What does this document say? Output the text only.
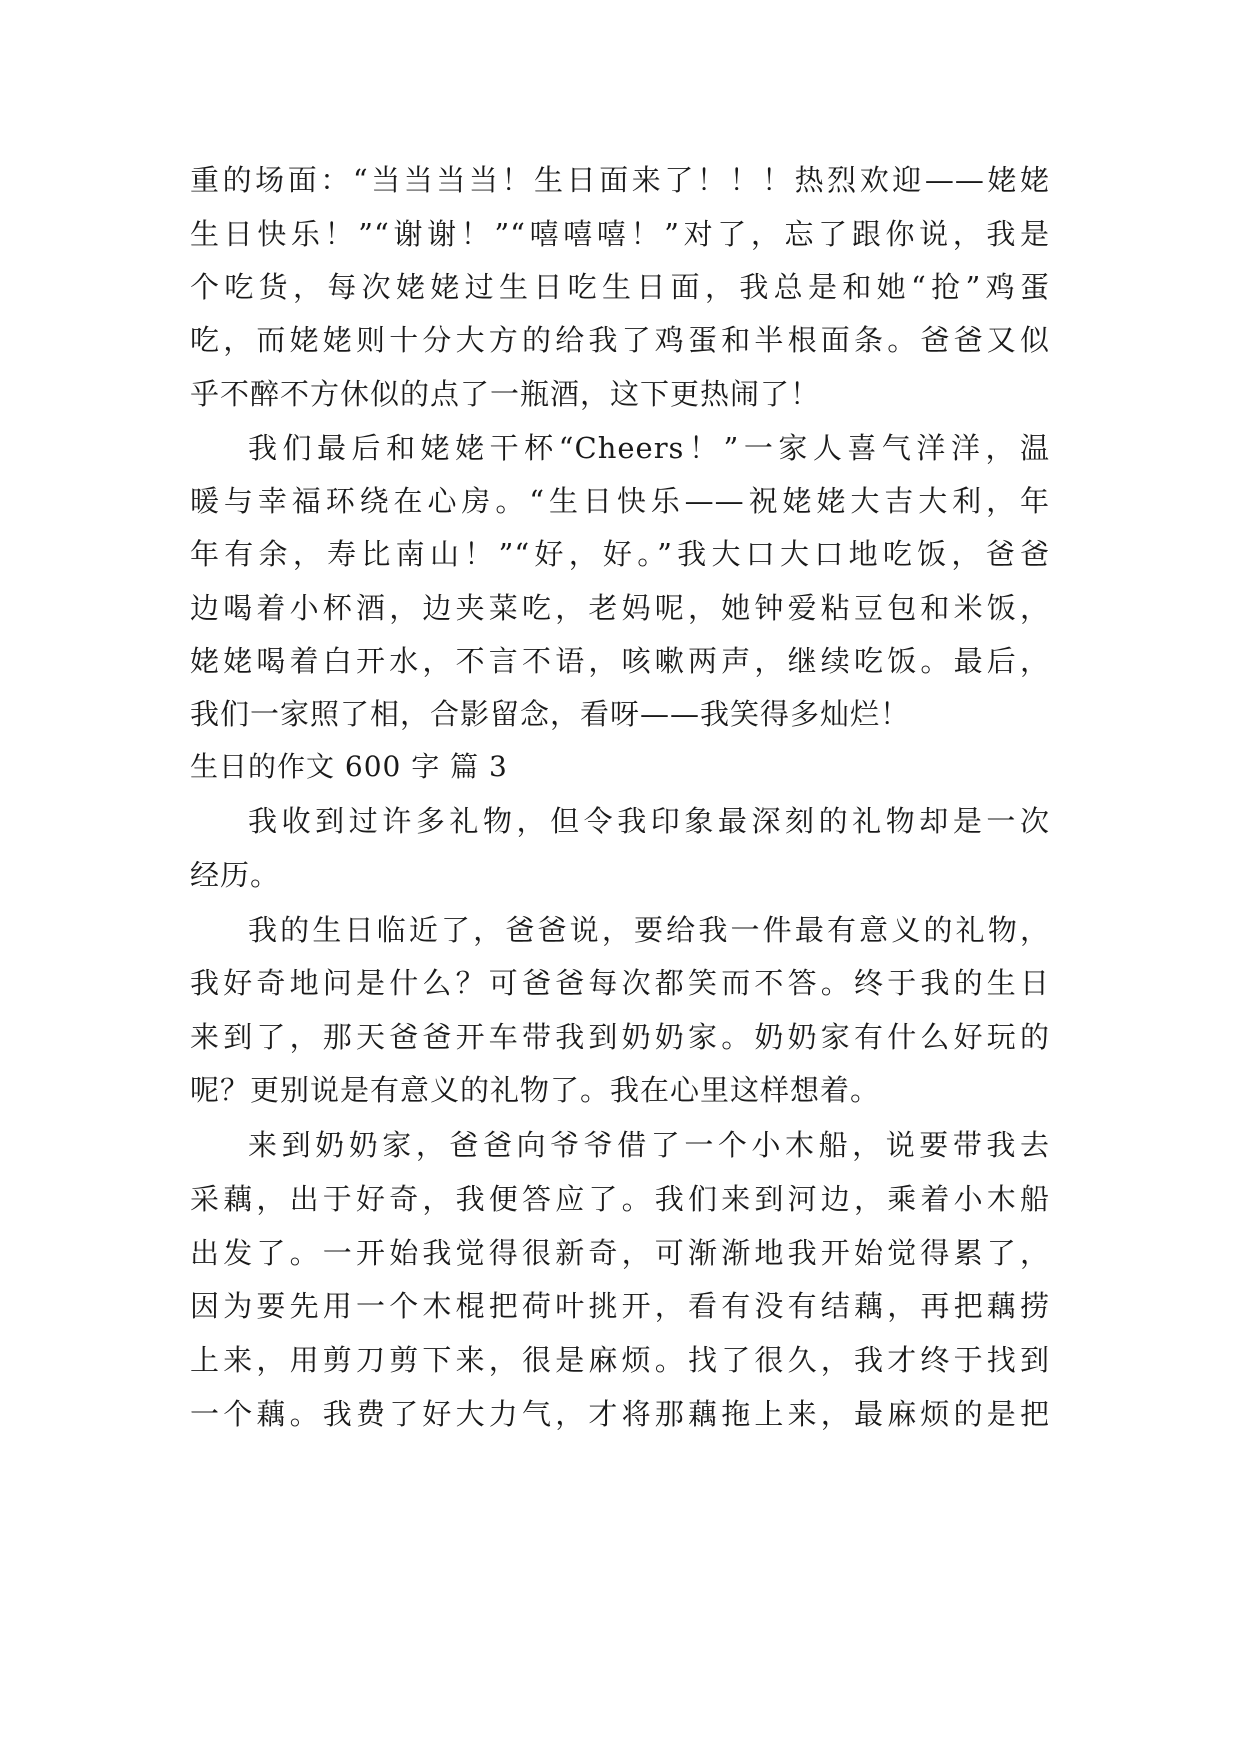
重的场面：“当当当当！生日面来了！！！热烈欢迎——姥姥
生日快乐！”“谢谢！”“嘻嘻嘻！”对了，忘了跟你说，我是
个吃货，每次姥姥过生日吃生日面，我总是和她“抢”鸡蛋
吃，而姥姥则十分大方的给我了鸡蛋和半根面条。爸爸又似
乎不醉不方休似的点了一瓶酒，这下更热闹了！
我们最后和姥姥干杯“Cheers！”一家人喜气洋洋，温
暖与幸福环绕在心房。“生日快乐——祝姥姥大吉大利，年
年有余，寿比南山！”“好，好。”我大口大口地吃饭，爸爸
边喝着小杯酒，边夹菜吃，老妈呢，她钟爱粘豆包和米饭，
姥姥喝着白开水，不言不语，咳嗽两声，继续吃饭。最后，
我们一家照了相，合影留念，看呀——我笑得多灿烂！
生日的作文 600 字 篇 3
我收到过许多礼物，但令我印象最深刻的礼物却是一次
经历。
我的生日临近了，爸爸说，要给我一件最有意义的礼物，
我好奇地问是什么？可爸爸每次都笑而不答。终于我的生日
来到了，那天爸爸开车带我到奶奶家。奶奶家有什么好玩的
呢？更别说是有意义的礼物了。我在心里这样想着。
来到奶奶家，爸爸向爷爷借了一个小木船，说要带我去
采藕，出于好奇，我便答应了。我们来到河边，乘着小木船
出发了。一开始我觉得很新奇，可渐渐地我开始觉得累了，
因为要先用一个木棍把荷叶挑开，看有没有结藕，再把藕捞
上来，用剪刀剪下来，很是麻烦。找了很久，我才终于找到
一个藕。我费了好大力气，才将那藕拖上来，最麻烦的是把
